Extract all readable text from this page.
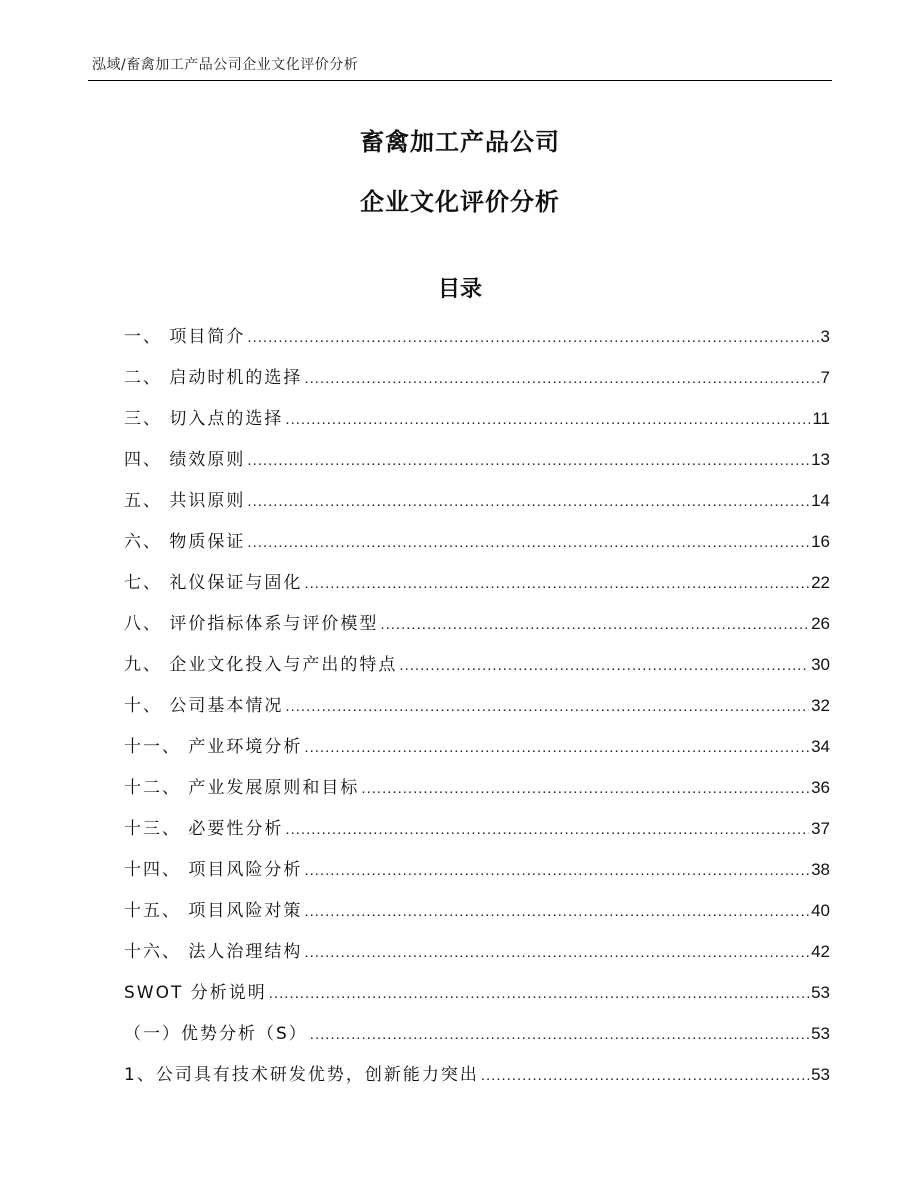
泓域/畜禽加工产品公司企业文化评价分析
畜禽加工产品公司
企业文化评价分析
目录
一、 项目简介 .....	3
二、 启动时机的选择 .....	7
三、 切入点的选择 .....	11
四、 绩效原则 .....	13
五、 共识原则 .....	14
六、 物质保证 .....	16
七、 礼仪保证与固化 .....	22
八、 评价指标体系与评价模型 .....	26
九、 企业文化投入与产出的特点 .....	30
十、 公司基本情况 .....	32
十一、 产业环境分析 .....	34
十二、 产业发展原则和目标 .....	36
十三、 必要性分析 .....	37
十四、 项目风险分析 .....	38
十五、 项目风险对策 .....	40
十六、 法人治理结构 .....	42
SWOT 分析说明 .....	53
（一）优势分析（S） .....	53
1、公司具有技术研发优势，创新能力突出 .....	53
